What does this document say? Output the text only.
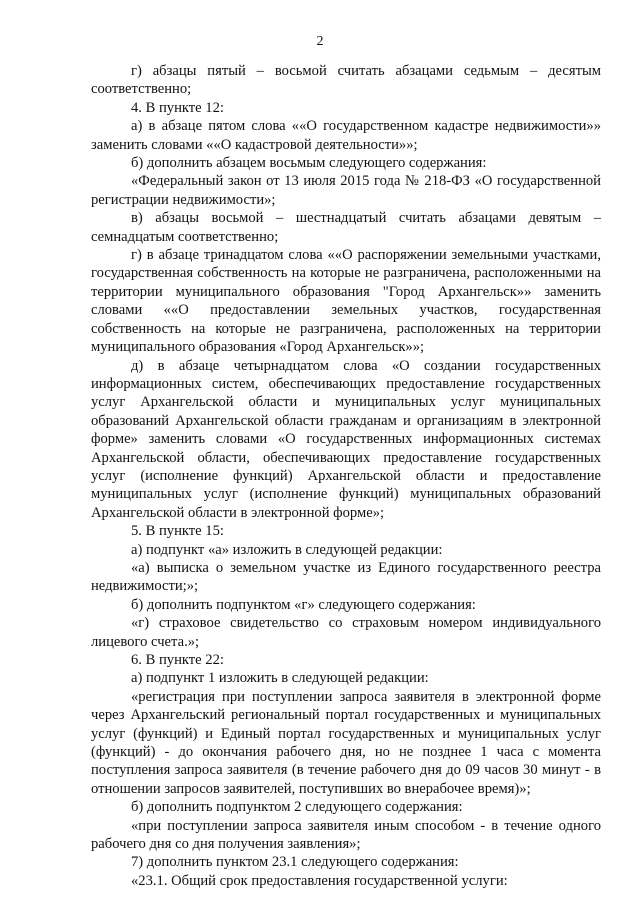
2

г) абзацы пятый – восьмой считать абзацами седьмым – десятым соответственно;

4. В пункте 12:

а) в абзаце пятом слова ««О государственном кадастре недвижимости»» заменить словами ««О кадастровой деятельности»»;

б) дополнить абзацем восьмым следующего содержания:

«Федеральный закон от 13 июля 2015 года № 218-ФЗ «О государственной регистрации недвижимости»;

в) абзацы восьмой – шестнадцатый считать абзацами девятым – семнадцатым соответственно;

г) в абзаце тринадцатом слова ««О распоряжении земельными участками, государственная собственность на которые не разграничена, расположенными на территории муниципального образования "Город Архангельск»» заменить словами ««О предоставлении земельных участков, государственная собственность на которые не разграничена, расположенных на территории муниципального образования «Город Архангельск»»;

д) в абзаце четырнадцатом слова «О создании государственных информационных систем, обеспечивающих предоставление государственных услуг Архангельской области и муниципальных услуг муниципальных образований Архангельской области гражданам и организациям в электронной форме» заменить словами «О государственных информационных системах Архангельской области, обеспечивающих предоставление государственных услуг (исполнение функций) Архангельской области и предоставление муниципальных услуг (исполнение функций) муниципальных образований Архангельской области в электронной форме»;

5. В пункте 15:

а) подпункт «а» изложить в следующей редакции:

«а) выписка о земельном участке из Единого государственного реестра недвижимости;»;

б) дополнить подпунктом «г» следующего содержания:

«г) страховое свидетельство со страховым номером индивидуального лицевого счета.»;

6. В пункте 22:

а) подпункт 1 изложить в следующей редакции:

«регистрация при поступлении запроса заявителя в электронной форме через Архангельский региональный портал государственных и муниципальных услуг (функций) и Единый портал государственных и муниципальных услуг (функций) - до окончания рабочего дня, но не позднее 1 часа с момента поступления запроса заявителя (в течение рабочего дня до 09 часов 30 минут - в отношении запросов заявителей, поступивших во внерабочее время)»;

б) дополнить подпунктом 2 следующего содержания:

«при поступлении запроса заявителя иным способом - в течение одного рабочего дня со дня получения заявления»;

7) дополнить пунктом 23.1 следующего содержания:

«23.1. Общий срок предоставления государственной услуги:
